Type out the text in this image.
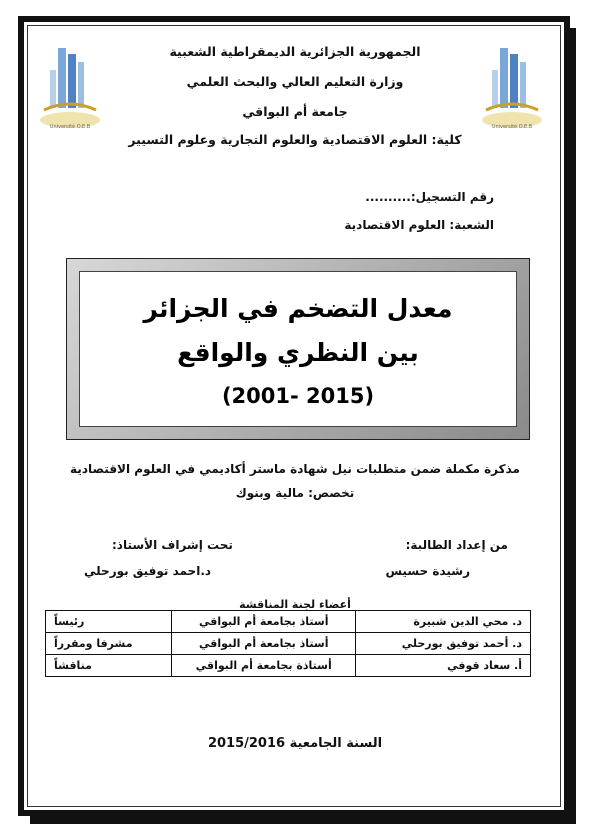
Université O.E.B	Université O.E.B
الجمهورية الجزائرية الديمقراطية الشعبية
وزارة التعليم العالي والبحث العلمي
جامعة أم البواقي
كلية: العلوم الاقتصادية والعلوم التجارية وعلوم التسيير
رقم التسجيل:..........
الشعبة: العلوم الاقتصادية
معدل التضخم في الجزائر
بين النظري والواقع
(2001- 2015)
مذكرة مكملة ضمن متطلبات نيل شهادة ماستر أكاديمي في العلوم الاقتصادية
تخصص: مالية وبنوك
من إعداد الطالبة:
رشيدة حسيس
تحت إشراف الأستاذ:
د.احمد توفيق بورحلي
أعضاء لجنة المناقشة
د. محي الدين شبيرة	أستاذ بجامعة أم البواقي	رئيساً
د. أحمد توفيق بورحلي	أستاذ بجامعة أم البواقي	مشرفا ومقرراً
أ. سعاد قوفي	أستاذة بجامعة أم البواقي	مناقشاً
السنة الجامعية 2015/2016
